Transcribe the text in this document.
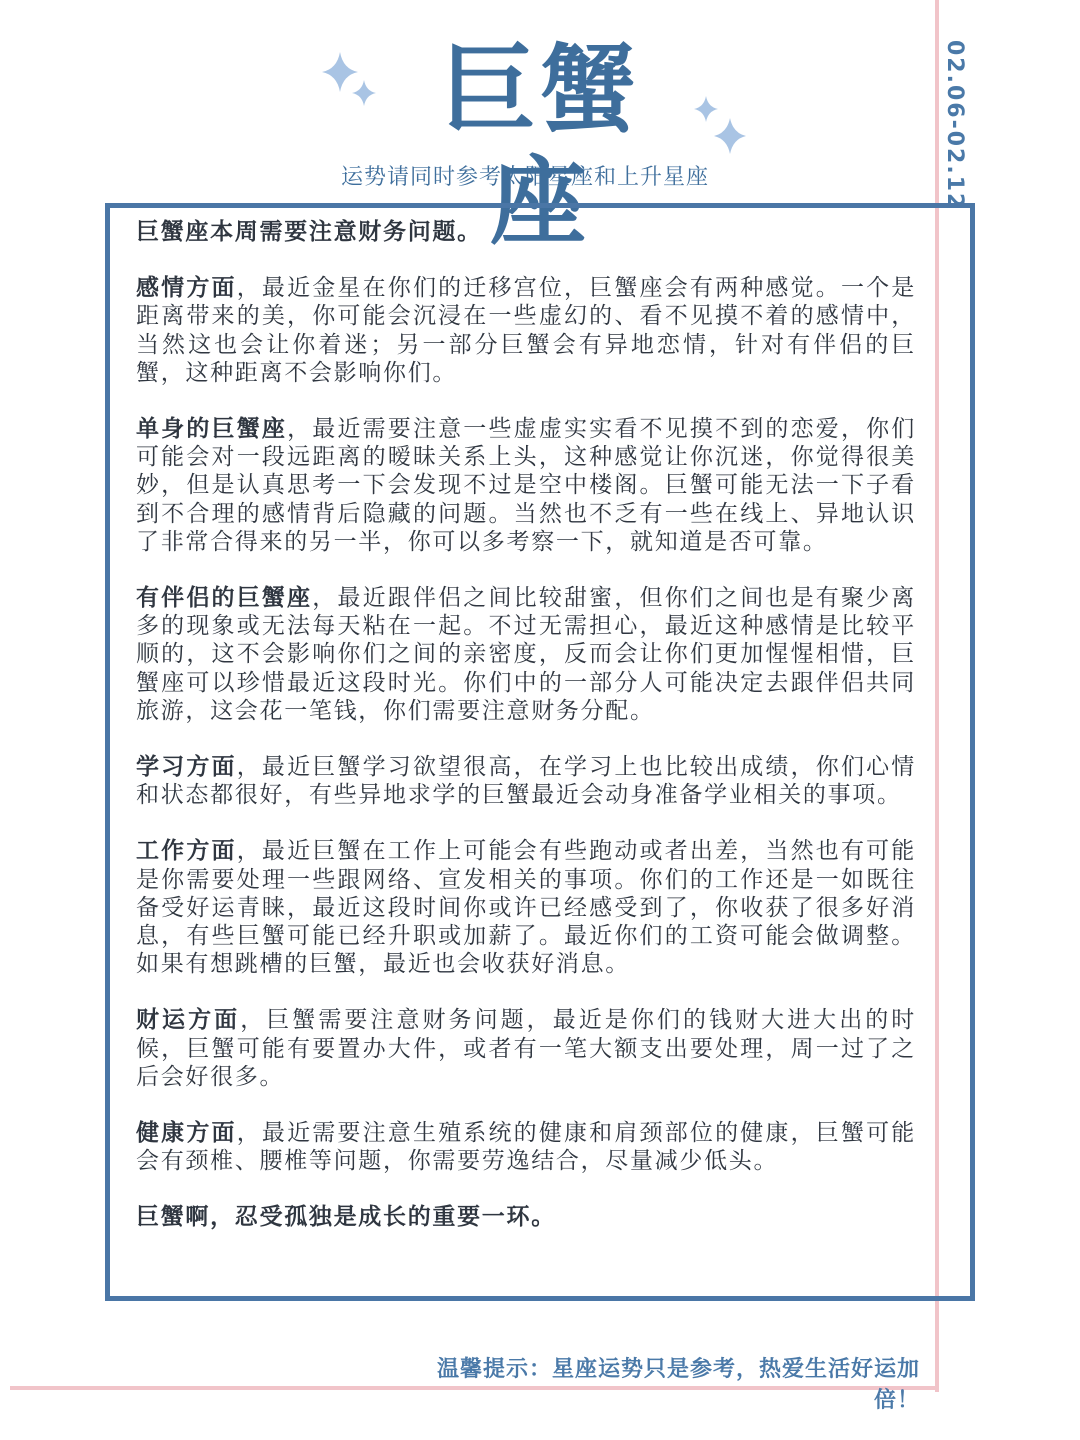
02.06-02.12
巨蟹座
运势请同时参考太阳星座和上升星座

巨蟹座本周需要注意财务问题。

感情方面，最近金星在你们的迁移宫位，巨蟹座会有两种感觉。一个是距离带来的美，你可能会沉浸在一些虚幻的、看不见摸不着的感情中，当然这也会让你着迷；另一部分巨蟹会有异地恋情，针对有伴侣的巨蟹，这种距离不会影响你们。

单身的巨蟹座，最近需要注意一些虚虚实实看不见摸不到的恋爱，你们可能会对一段远距离的暧昧关系上头，这种感觉让你沉迷，你觉得很美妙，但是认真思考一下会发现不过是空中楼阁。巨蟹可能无法一下子看到不合理的感情背后隐藏的问题。当然也不乏有一些在线上、异地认识了非常合得来的另一半，你可以多考察一下，就知道是否可靠。

有伴侣的巨蟹座，最近跟伴侣之间比较甜蜜，但你们之间也是有聚少离多的现象或无法每天粘在一起。不过无需担心，最近这种感情是比较平顺的，这不会影响你们之间的亲密度，反而会让你们更加惺惺相惜，巨蟹座可以珍惜最近这段时光。你们中的一部分人可能决定去跟伴侣共同旅游，这会花一笔钱，你们需要注意财务分配。

学习方面，最近巨蟹学习欲望很高，在学习上也比较出成绩，你们心情和状态都很好，有些异地求学的巨蟹最近会动身准备学业相关的事项。

工作方面，最近巨蟹在工作上可能会有些跑动或者出差，当然也有可能是你需要处理一些跟网络、宣发相关的事项。你们的工作还是一如既往备受好运青睐，最近这段时间你或许已经感受到了，你收获了很多好消息，有些巨蟹可能已经升职或加薪了。最近你们的工资可能会做调整。如果有想跳槽的巨蟹，最近也会收获好消息。

财运方面，巨蟹需要注意财务问题，最近是你们的钱财大进大出的时候，巨蟹可能有要置办大件，或者有一笔大额支出要处理，周一过了之后会好很多。

健康方面，最近需要注意生殖系统的健康和肩颈部位的健康，巨蟹可能会有颈椎、腰椎等问题，你需要劳逸结合，尽量减少低头。

巨蟹啊，忍受孤独是成长的重要一环。

温馨提示：星座运势只是参考，热爱生活好运加倍！
